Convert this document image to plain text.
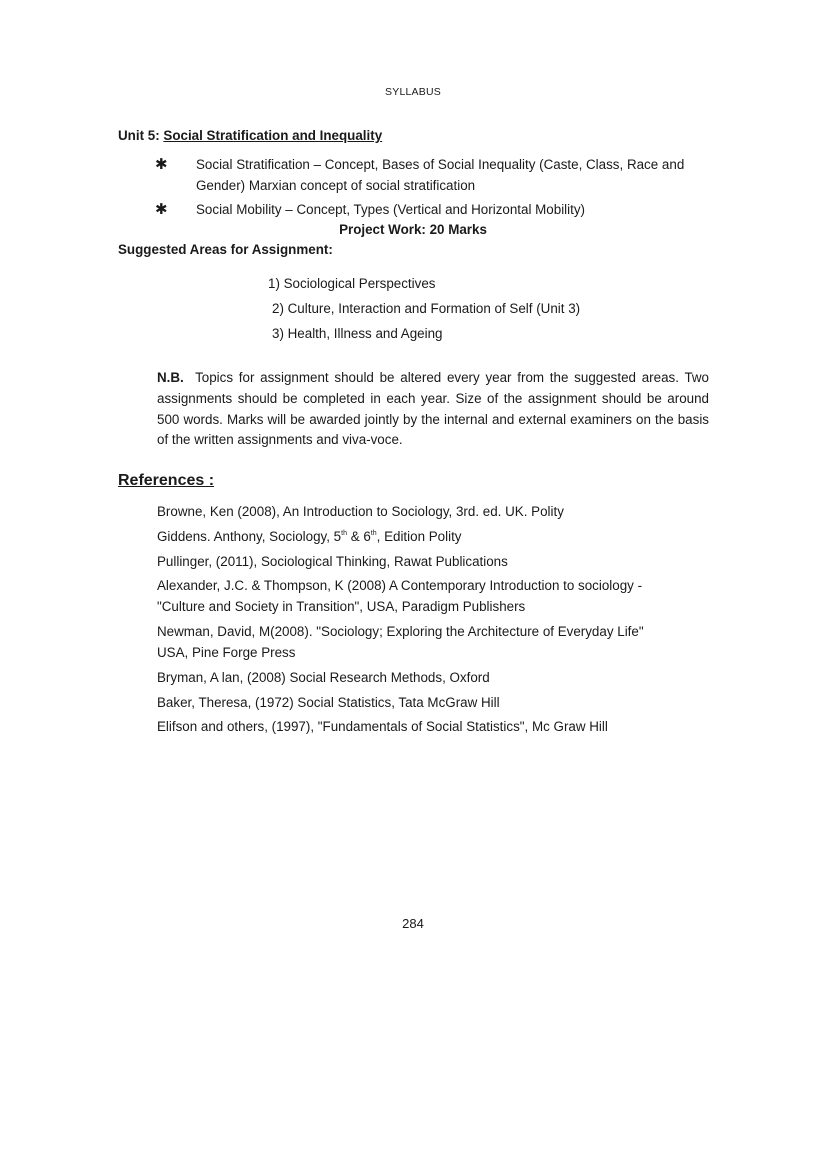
SYLLABUS

Unit 5: Social Stratification and Inequality

✱ Social Stratification – Concept, Bases of Social Inequality (Caste, Class, Race and
Gender) Marxian concept of social stratification
✱ Social Mobility – Concept, Types (Vertical and Horizontal Mobility)

Project Work: 20 Marks

Suggested Areas for Assignment:

1) Sociological Perspectives

2) Culture, Interaction and Formation of Self (Unit 3)

3) Health, Illness and Ageing

N.B. Topics for assignment should be altered every year from the suggested areas. Two assignments should be completed in each year. Size of the assignment should be around 500 words. Marks will be awarded jointly by the internal and external examiners on the basis of the written assignments and viva-voce.

References :

Browne, Ken (2008), An Introduction to Sociology, 3rd. ed. UK. Polity

Giddens. Anthony, Sociology, 5th & 6th, Edition Polity

Pullinger, (2011), Sociological Thinking, Rawat Publications

Alexander, J.C. & Thompson, K (2008) A Contemporary Introduction to sociology -
"Culture and Society in Transition", USA, Paradigm Publishers

Newman, David, M(2008). "Sociology; Exploring the Architecture of Everyday Life"
USA, Pine Forge Press

Bryman, A lan, (2008) Social Research Methods, Oxford

Baker, Theresa, (1972) Social Statistics, Tata McGraw Hill

Elifson and others, (1997), "Fundamentals of Social Statistics", Mc Graw Hill

284
